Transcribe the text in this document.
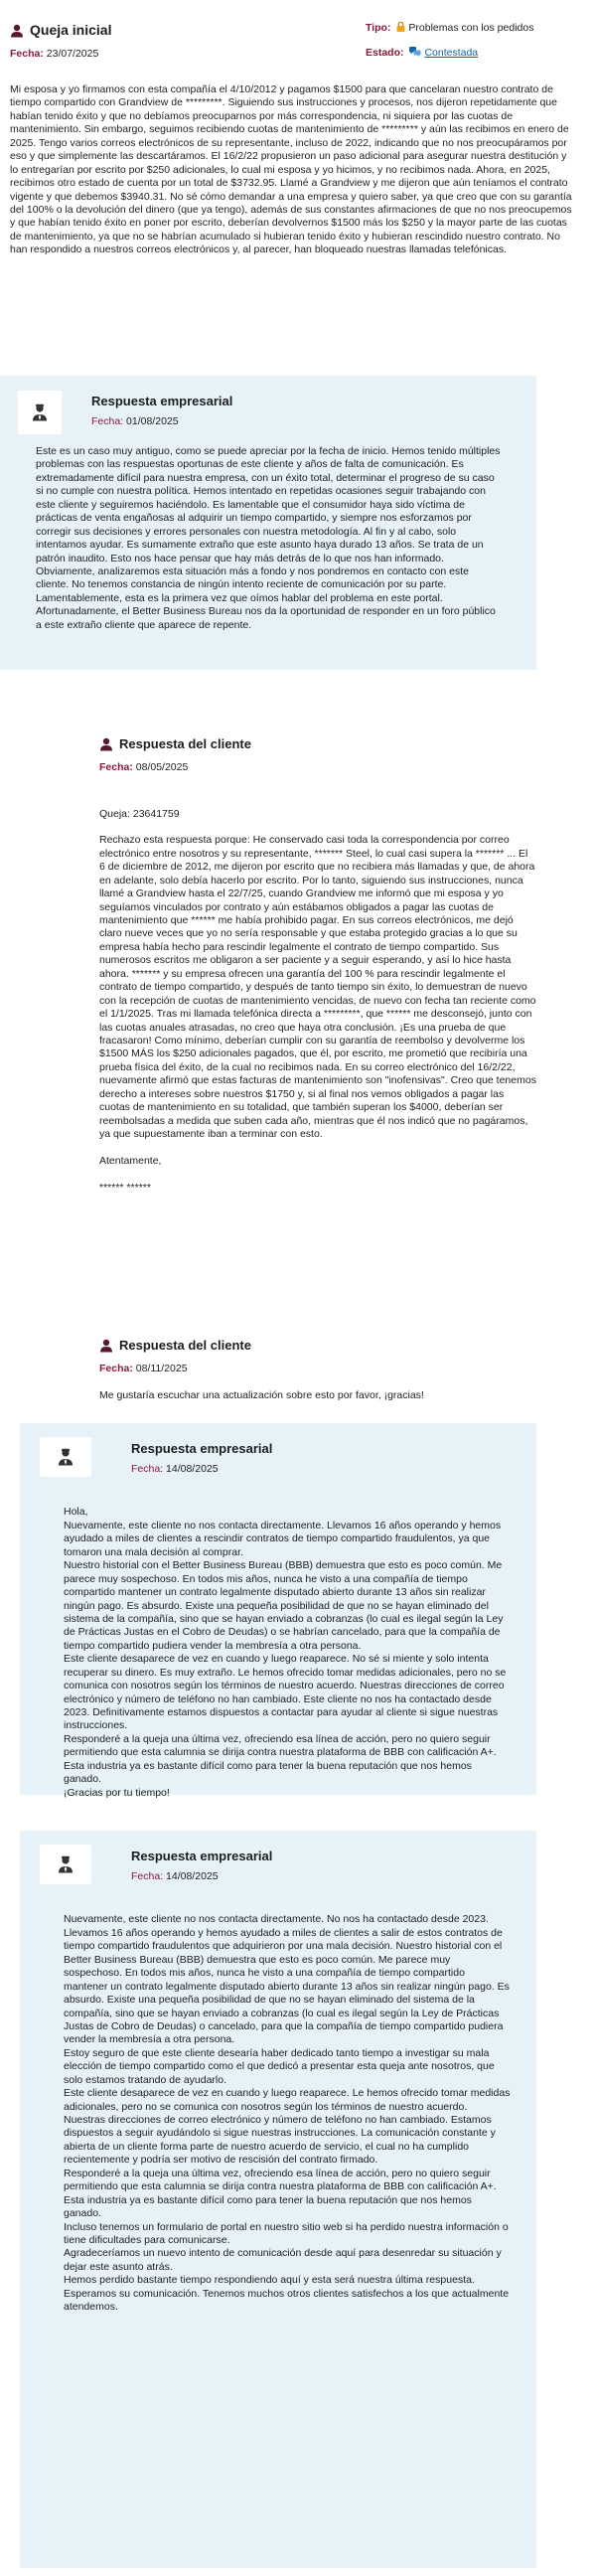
Queja inicial
Fecha: 23/07/2025
Tipo: Problemas con los pedidos
Estado: Contestada

Mi esposa y yo firmamos con esta compañía el 4/10/2012 y pagamos $1500 para que cancelaran nuestro contrato de tiempo compartido con Grandview de *********. Siguiendo sus instrucciones y procesos, nos dijeron repetidamente que habían tenido éxito y que no debíamos preocuparnos por más correspondencia, ni siquiera por las cuotas de mantenimiento. Sin embargo, seguimos recibiendo cuotas de mantenimiento de ********* y aún las recibimos en enero de 2025. Tengo varios correos electrónicos de su representante, incluso de 2022, indicando que no nos preocupáramos por eso y que simplemente las descartáramos. El 16/2/22 propusieron un paso adicional para asegurar nuestra destitución y lo entregarían por escrito por $250 adicionales, lo cual mi esposa y yo hicimos, y no recibimos nada. Ahora, en 2025, recibimos otro estado de cuenta por un total de $3732.95. Llamé a Grandview y me dijeron que aún teníamos el contrato vigente y que debemos $3940.31. No sé cómo demandar a una empresa y quiero saber, ya que creo que con su garantía del 100% o la devolución del dinero (que ya tengo), además de sus constantes afirmaciones de que no nos preocupemos y que habían tenido éxito en poner por escrito, deberían devolvernos $1500 más los $250 y la mayor parte de las cuotas de mantenimiento, ya que no se habrían acumulado si hubieran tenido éxito y hubieran rescindido nuestro contrato. No han respondido a nuestros correos electrónicos y, al parecer, han bloqueado nuestras llamadas telefónicas.

Respuesta empresarial
Fecha: 01/08/2025

Este es un caso muy antiguo, como se puede apreciar por la fecha de inicio. Hemos tenido múltiples problemas con las respuestas oportunas de este cliente y años de falta de comunicación. Es extremadamente difícil para nuestra empresa, con un éxito total, determinar el progreso de su caso si no cumple con nuestra política. Hemos intentado en repetidas ocasiones seguir trabajando con este cliente y seguiremos haciéndolo. Es lamentable que el consumidor haya sido víctima de prácticas de venta engañosas al adquirir un tiempo compartido, y siempre nos esforzamos por corregir sus decisiones y errores personales con nuestra metodología. Al fin y al cabo, solo intentamos ayudar. Es sumamente extraño que este asunto haya durado 13 años. Se trata de un patrón inaudito. Esto nos hace pensar que hay más detrás de lo que nos han informado. Obviamente, analizaremos esta situación más a fondo y nos pondremos en contacto con este cliente. No tenemos constancia de ningún intento reciente de comunicación por su parte. Lamentablemente, esta es la primera vez que oímos hablar del problema en este portal. Afortunadamente, el Better Business Bureau nos da la oportunidad de responder en un foro público a este extraño cliente que aparece de repente.

Respuesta del cliente
Fecha: 08/05/2025

Queja: 23641759

Rechazo esta respuesta porque: He conservado casi toda la correspondencia por correo electrónico entre nosotros y su representante, ******* Steel, lo cual casi supera la ******* ... El 6 de diciembre de 2012, me dijeron por escrito que no recibiera más llamadas y que, de ahora en adelante, solo debía hacerlo por escrito. Por lo tanto, siguiendo sus instrucciones, nunca llamé a Grandview hasta el 22/7/25, cuando Grandview me informó que mi esposa y yo seguíamos vinculados por contrato y aún estábamos obligados a pagar las cuotas de mantenimiento que ****** me había prohibido pagar. En sus correos electrónicos, me dejó claro nueve veces que yo no sería responsable y que estaba protegido gracias a lo que su empresa había hecho para rescindir legalmente el contrato de tiempo compartido. Sus numerosos escritos me obligaron a ser paciente y a seguir esperando, y así lo hice hasta ahora. ******* y su empresa ofrecen una garantía del 100 % para rescindir legalmente el contrato de tiempo compartido, y después de tanto tiempo sin éxito, lo demuestran de nuevo con la recepción de cuotas de mantenimiento vencidas, de nuevo con fecha tan reciente como el 1/1/2025. Tras mi llamada telefónica directa a *********, que ****** me desconsejó, junto con las cuotas anuales atrasadas, no creo que haya otra conclusión. ¡Es una prueba de que fracasaron! Como mínimo, deberían cumplir con su garantía de reembolso y devolverme los $1500 MÁS los $250 adicionales pagados, que él, por escrito, me prometió que recibiría una prueba física del éxito, de la cual no recibimos nada. En su correo electrónico del 16/2/22, nuevamente afirmó que estas facturas de mantenimiento son "inofensivas". Creo que tenemos derecho a intereses sobre nuestros $1750 y, si al final nos vemos obligados a pagar las cuotas de mantenimiento en su totalidad, que también superan los $4000, deberían ser reembolsadas a medida que suben cada año, mientras que él nos indicó que no pagáramos, ya que supuestamente iban a terminar con esto.

Atentamente,

****** ******

Respuesta del cliente
Fecha: 08/11/2025

Me gustaría escuchar una actualización sobre esto por favor, ¡gracias!

Respuesta empresarial
Fecha: 14/08/2025

Hola,
Nuevamente, este cliente no nos contacta directamente. Llevamos 16 años operando y hemos ayudado a miles de clientes a rescindir contratos de tiempo compartido fraudulentos, ya que tomaron una mala decisión al comprar.
Nuestro historial con el Better Business Bureau (BBB) demuestra que esto es poco común. Me parece muy sospechoso. En todos mis años, nunca he visto a una compañía de tiempo compartido mantener un contrato legalmente disputado abierto durante 13 años sin realizar ningún pago. Es absurdo. Existe una pequeña posibilidad de que no se hayan eliminado del sistema de la compañía, sino que se hayan enviado a cobranzas (lo cual es ilegal según la Ley de Prácticas Justas en el Cobro de Deudas) o se habrían cancelado, para que la compañía de tiempo compartido pudiera vender la membresía a otra persona.
Este cliente desaparece de vez en cuando y luego reaparece. No sé si miente y solo intenta recuperar su dinero. Es muy extraño. Le hemos ofrecido tomar medidas adicionales, pero no se comunica con nosotros según los términos de nuestro acuerdo. Nuestras direcciones de correo electrónico y número de teléfono no han cambiado. Este cliente no nos ha contactado desde 2023. Definitivamente estamos dispuestos a contactar para ayudar al cliente si sigue nuestras instrucciones.
Responderé a la queja una última vez, ofreciendo esa línea de acción, pero no quiero seguir permitiendo que esta calumnia se dirija contra nuestra plataforma de BBB con calificación A+. Esta industria ya es bastante difícil como para tener la buena reputación que nos hemos ganado.
¡Gracias por tu tiempo!

Respuesta empresarial
Fecha: 14/08/2025

Nuevamente, este cliente no nos contacta directamente. No nos ha contactado desde 2023. Llevamos 16 años operando y hemos ayudado a miles de clientes a salir de estos contratos de tiempo compartido fraudulentos que adquirieron por una mala decisión. Nuestro historial con el Better Business Bureau (BBB) demuestra que esto es poco común. Me parece muy sospechoso. En todos mis años, nunca he visto a una compañía de tiempo compartido mantener un contrato legalmente disputado abierto durante 13 años sin realizar ningún pago. Es absurdo. Existe una pequeña posibilidad de que no se hayan eliminado del sistema de la compañía, sino que se hayan enviado a cobranzas (lo cual es ilegal según la Ley de Prácticas Justas de Cobro de Deudas) o cancelado, para que la compañía de tiempo compartido pudiera vender la membresía a otra persona.
Estoy seguro de que este cliente desearía haber dedicado tanto tiempo a investigar su mala elección de tiempo compartido como el que dedicó a presentar esta queja ante nosotros, que solo estamos tratando de ayudarlo.
Este cliente desaparece de vez en cuando y luego reaparece. Le hemos ofrecido tomar medidas adicionales, pero no se comunica con nosotros según los términos de nuestro acuerdo. Nuestras direcciones de correo electrónico y número de teléfono no han cambiado. Estamos dispuestos a seguir ayudándolo si sigue nuestras instrucciones. La comunicación constante y abierta de un cliente forma parte de nuestro acuerdo de servicio, el cual no ha cumplido recientemente y podría ser motivo de rescisión del contrato firmado.
Responderé a la queja una última vez, ofreciendo esa línea de acción, pero no quiero seguir permitiendo que esta calumnia se dirija contra nuestra plataforma de BBB con calificación A+. Esta industria ya es bastante difícil como para tener la buena reputación que nos hemos ganado.
Incluso tenemos un formulario de portal en nuestro sitio web si ha perdido nuestra información o tiene dificultades para comunicarse.
Agradeceríamos un nuevo intento de comunicación desde aquí para desenredar su situación y dejar este asunto atrás.
Hemos perdido bastante tiempo respondiendo aquí y esta será nuestra última respuesta. Esperamos su comunicación. Tenemos muchos otros clientes satisfechos a los que actualmente atendemos.
